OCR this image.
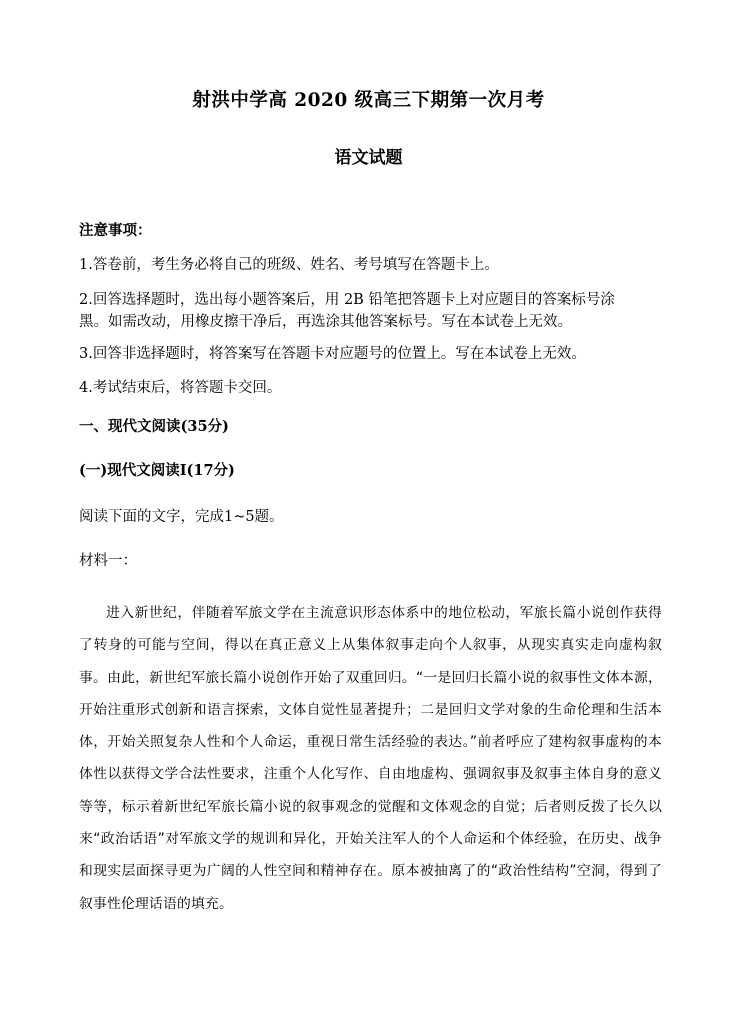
射洪中学高 2020 级高三下期第一次月考
语文试题
注意事项：
1.答卷前，考生务必将自己的班级、姓名、考号填写在答题卡上。
2.回答选择题时，选出每小题答案后，用 2B 铅笔把答题卡上对应题目的答案标号涂
黑。如需改动，用橡皮擦干净后，再选涂其他答案标号。写在本试卷上无效。
3.回答非选择题时，将答案写在答题卡对应题号的位置上。写在本试卷上无效。
4.考试结束后，将答题卡交回。
一、现代文阅读(35分)
(一)现代文阅读Ⅰ(17分)
阅读下面的文字，完成1~5题。
材料一：

进入新世纪，伴随着军旅文学在主流意识形态体系中的地位松动，军旅长篇小说创作获得了转身的可能与空间，得以在真正意义上从集体叙事走向个人叙事，从现实真实走向虚构叙事。由此，新世纪军旅长篇小说创作开始了双重回归。“一是回归长篇小说的叙事性文体本源，开始注重形式创新和语言探索，文体自觉性显著提升；二是回归文学对象的生命伦理和生活本体，开始关照复杂人性和个人命运，重视日常生活经验的表达。”前者呼应了建构叙事虚构的本体性以获得文学合法性要求，注重个人化写作、自由地虚构、强调叙事及叙事主体自身的意义等等，标示着新世纪军旅长篇小说的叙事观念的觉醒和文体观念的自觉；后者则反拨了长久以来“政治话语”对军旅文学的规训和异化，开始关注军人的个人命运和个体经验，在历史、战争和现实层面探寻更为广阔的人性空间和精神存在。原本被抽离了的“政治性结构”空洞，得到了叙事性伦理话语的填充。
